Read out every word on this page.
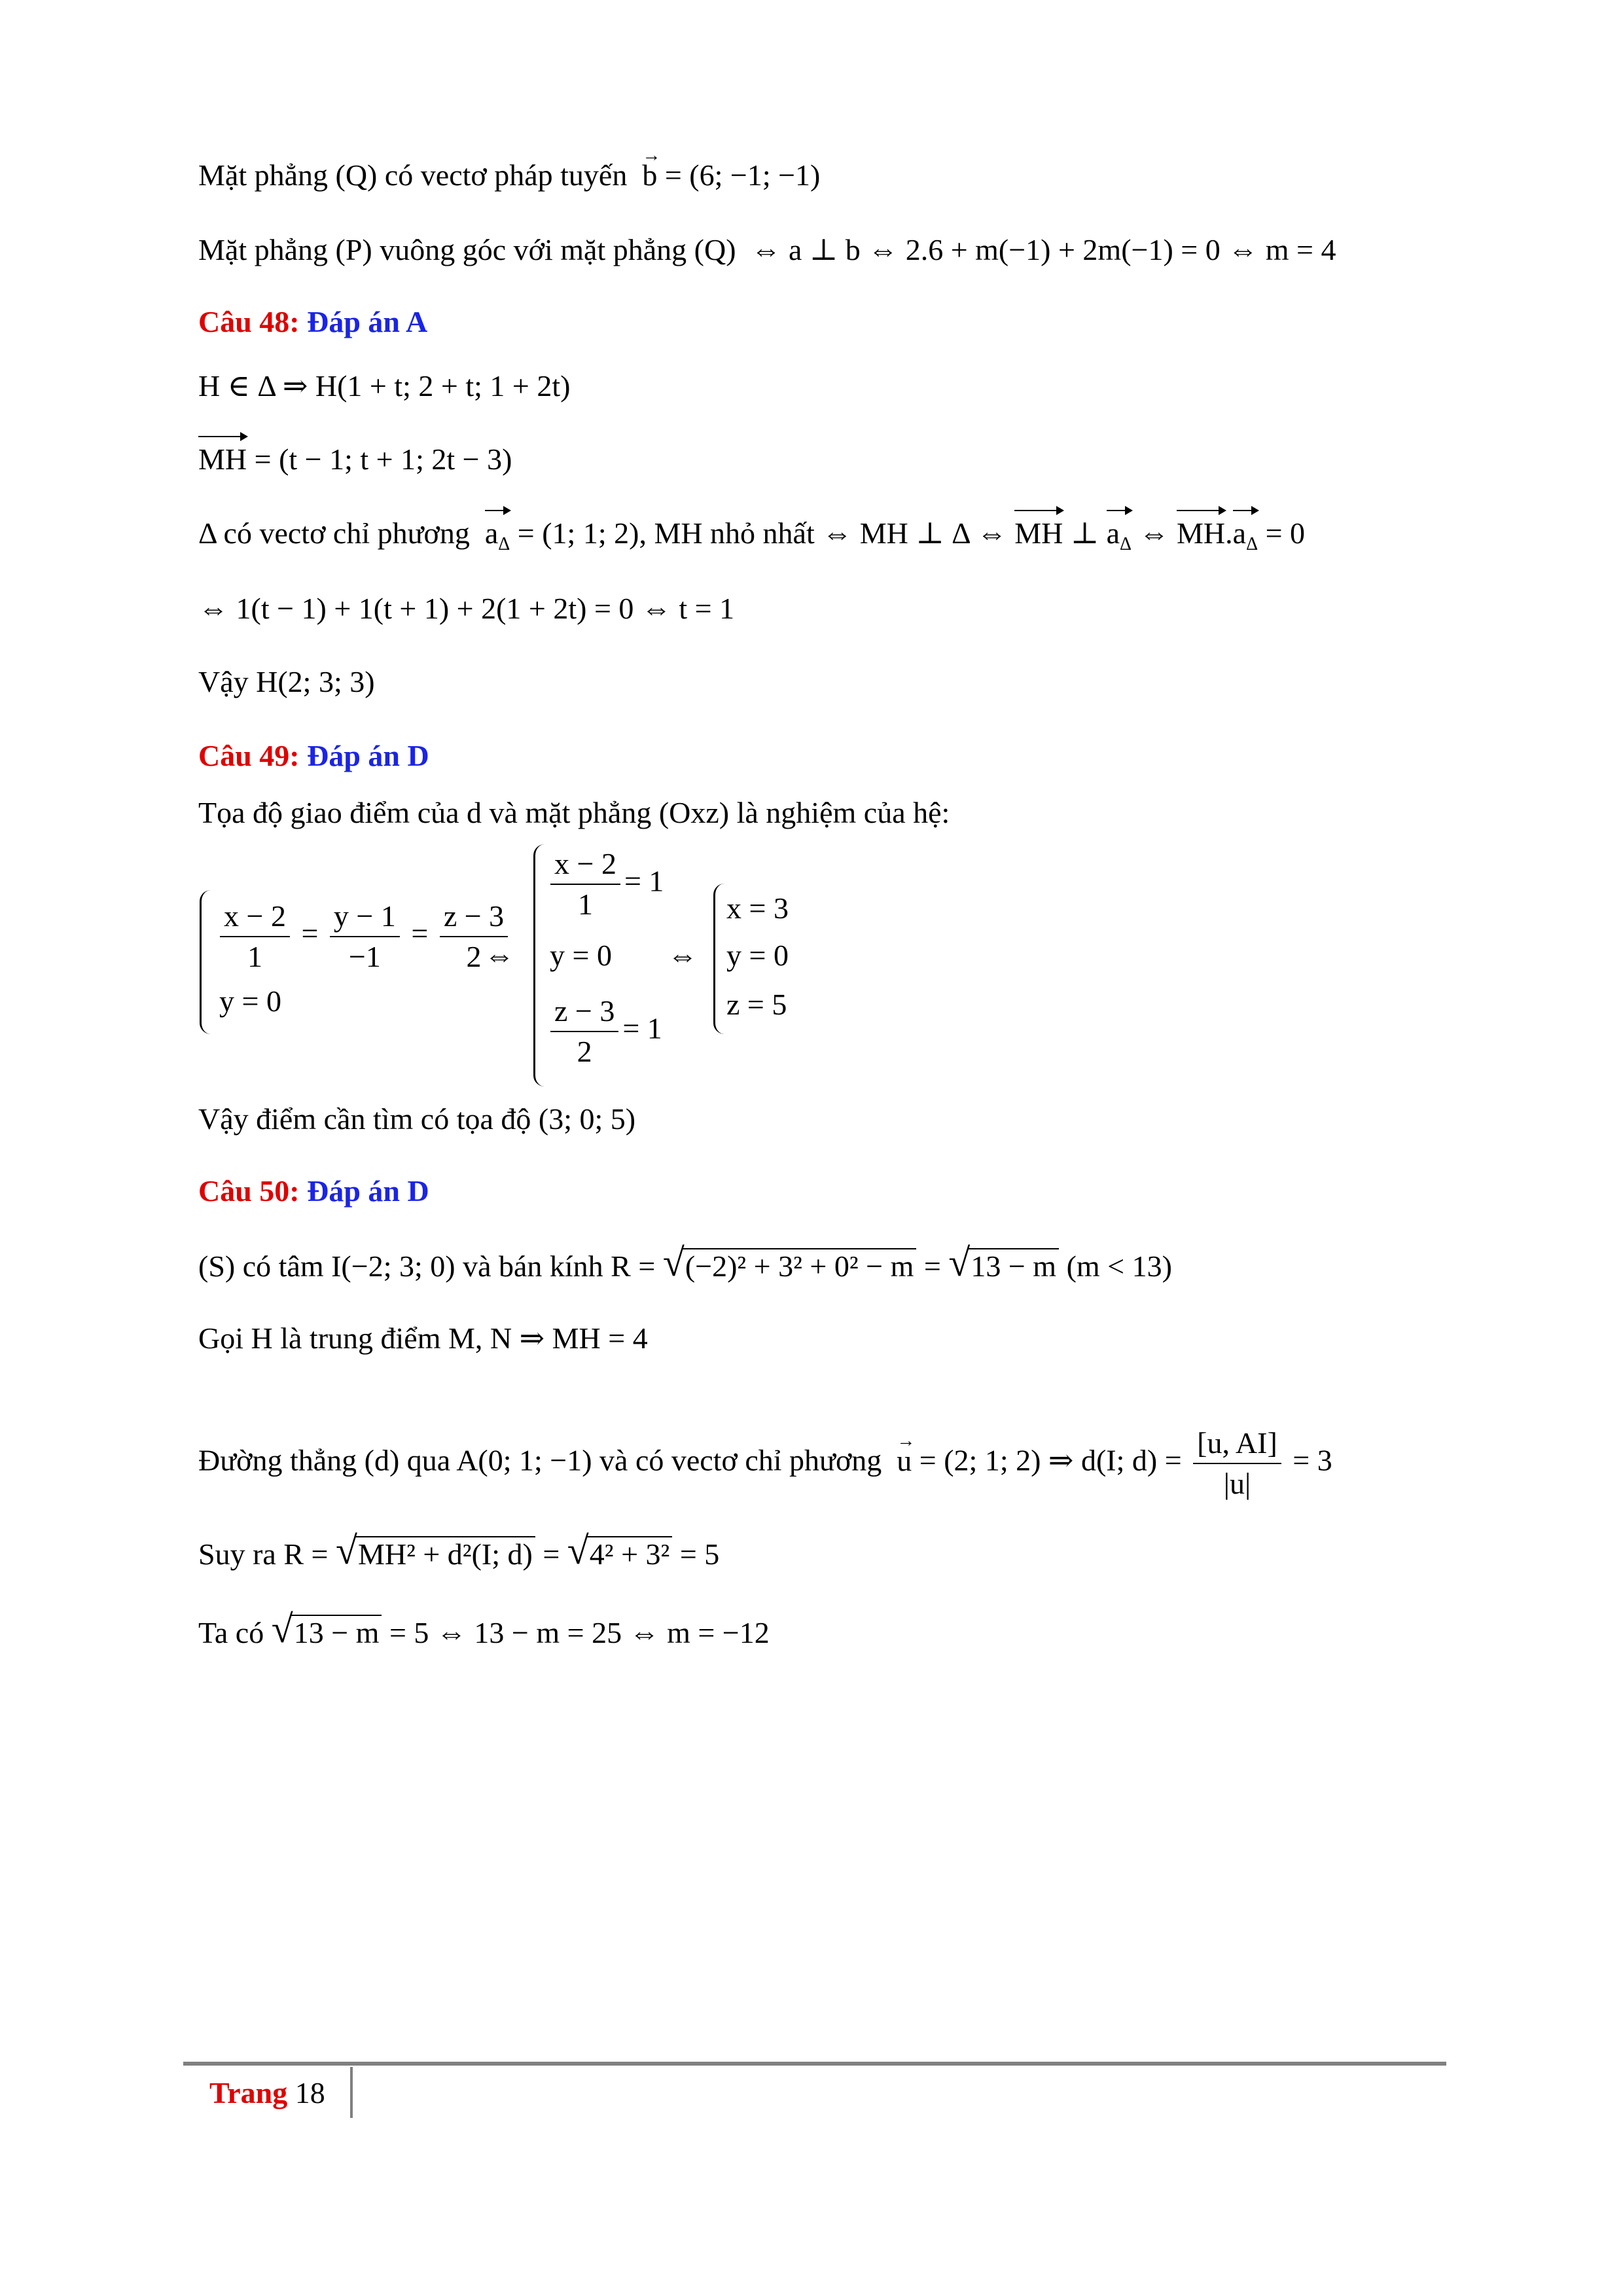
Mặt phẳng (Q) có vectơ pháp tuyến
→
b = (6; −1; −1)
Mặt phẳng (P) vuông góc với mặt phẳng (Q) ⇔ a ⊥ b ⇔ 2.6 + m(−1) + 2m(−1) = 0 ⇔ m = 4
Câu 48: Đáp án A
H ∈ Δ ⇒ H(1 + t; 2 + t; 1 + 2t)
MH = (t − 1; t + 1; 2t − 3)
Δ có vectơ chỉ phương $a_\Delta = (1$; 1; 2), MH nhỏ nhất ⇔ MH ⊥ Δ ⇔ MH ⊥
$a_\Delta$ ⇔
MH.
$a_\Delta = 0$
⇔ 1(t − 1) + 1(t + 1) + 2(1 + 2t) = 0 ⇔ t = 1
Vậy H(2; 3; 3)
Câu 49: Đáp án D
Tọa độ giao điểm của d và mặt phẳng (Oxz) là nghiệm của hệ:
$\frac{x - 2}{1} = \frac{y - 1}{-1} = \frac{z - 3}{2}$
y = 0
⇔
$\frac{x - 2}{1} = 1$
y = 0
$\frac{z - 3}{2} = 1$
⇔
x = 3
y = 0
z = 5
Vậy điểm cần tìm có tọa độ (3; 0; 5)
Câu 50: Đáp án D
(S) có tâm I(−2; 3; 0) và bán kính R = √ (−2)² + 3² + 0² − m = √ 13 − m (m < 13)
Gọi H là trung điểm M, N ⇒ MH = 4
Đường thẳng (d) qua A(0; 1; −1) và có vectơ chỉ phương
→
u = (2; 1; 2) ⇒ d(I; $d) = \frac{[u, AI]}{|u|} = 3$
Suy ra R = √ MH² + d²(I; d) = √ 4² + 3² = 5
Ta có √ 13 − m = 5 ⇔ 13 − m = 25 ⇔ m = −12
Trang 18
